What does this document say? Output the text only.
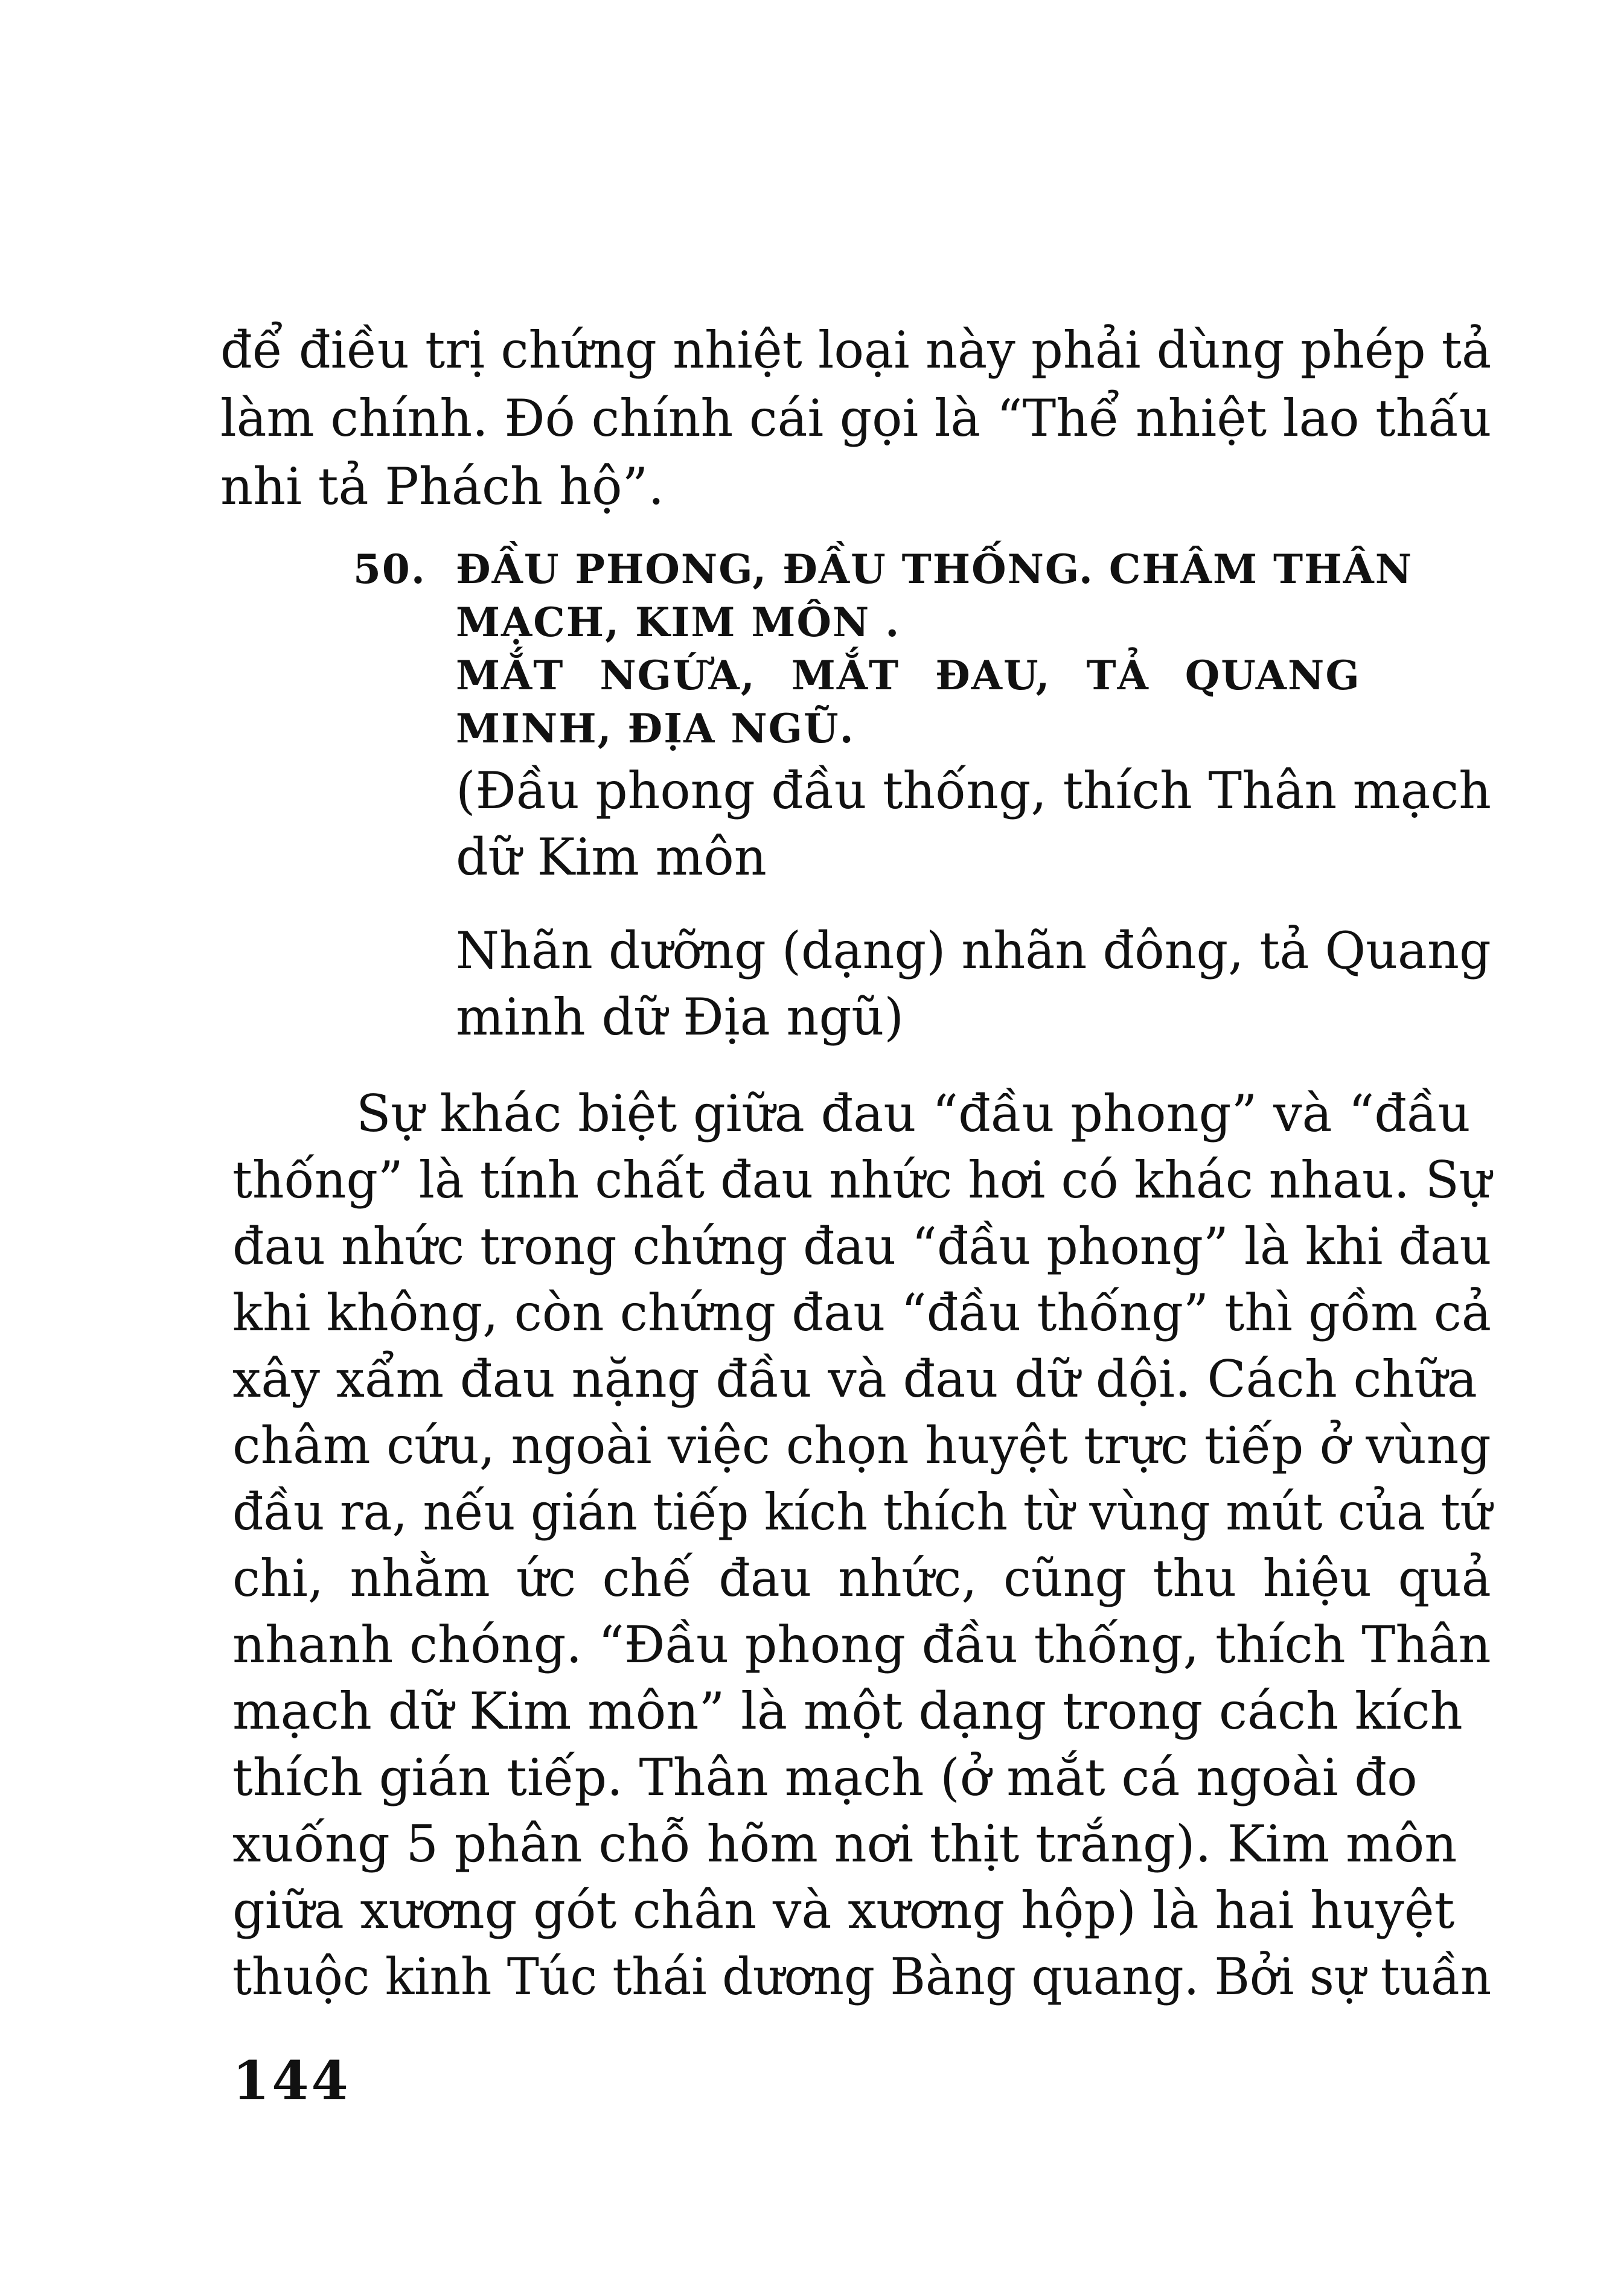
để điều trị chứng nhiệt loại này phải dùng phép tả

làm chính. Đó chính cái gọi là “Thể nhiệt lao thấu

nhi tả Phách hộ”.

50. ĐẦU PHONG, ĐẦU THỐNG. CHÂM THÂN

MẠCH, KIM MÔN .

MẮT NGỨA, MẮT ĐAU, TẢ QUANG

MINH, ĐỊA NGŨ.

(Đầu phong đầu thống, thích Thân mạch

dữ Kim môn

Nhãn dưỡng (dạng) nhãn đông, tả Quang

minh dữ Địa ngũ)

Sự khác biệt giữa đau “đầu phong” và “đầu

thống” là tính chất đau nhức hơi có khác nhau. Sự

đau nhức trong chứng đau “đầu phong” là khi đau

khi không, còn chứng đau “đầu thống” thì gồm cả

xây xẩm đau nặng đầu và đau dữ dội. Cách chữa

châm cứu, ngoài việc chọn huyệt trực tiếp ở vùng

đầu ra, nếu gián tiếp kích thích từ vùng mút của tứ

chi, nhằm ức chế đau nhức, cũng thu hiệu quả

nhanh chóng. “Đầu phong đầu thống, thích Thân

mạch dữ Kim môn” là một dạng trong cách kích

thích gián tiếp. Thân mạch (ở mắt cá ngoài đo

xuống 5 phân chỗ hõm nơi thịt trắng). Kim môn

giữa xương gót chân và xương hộp) là hai huyệt

thuộc kinh Túc thái dương Bàng quang. Bởi sự tuần

144
